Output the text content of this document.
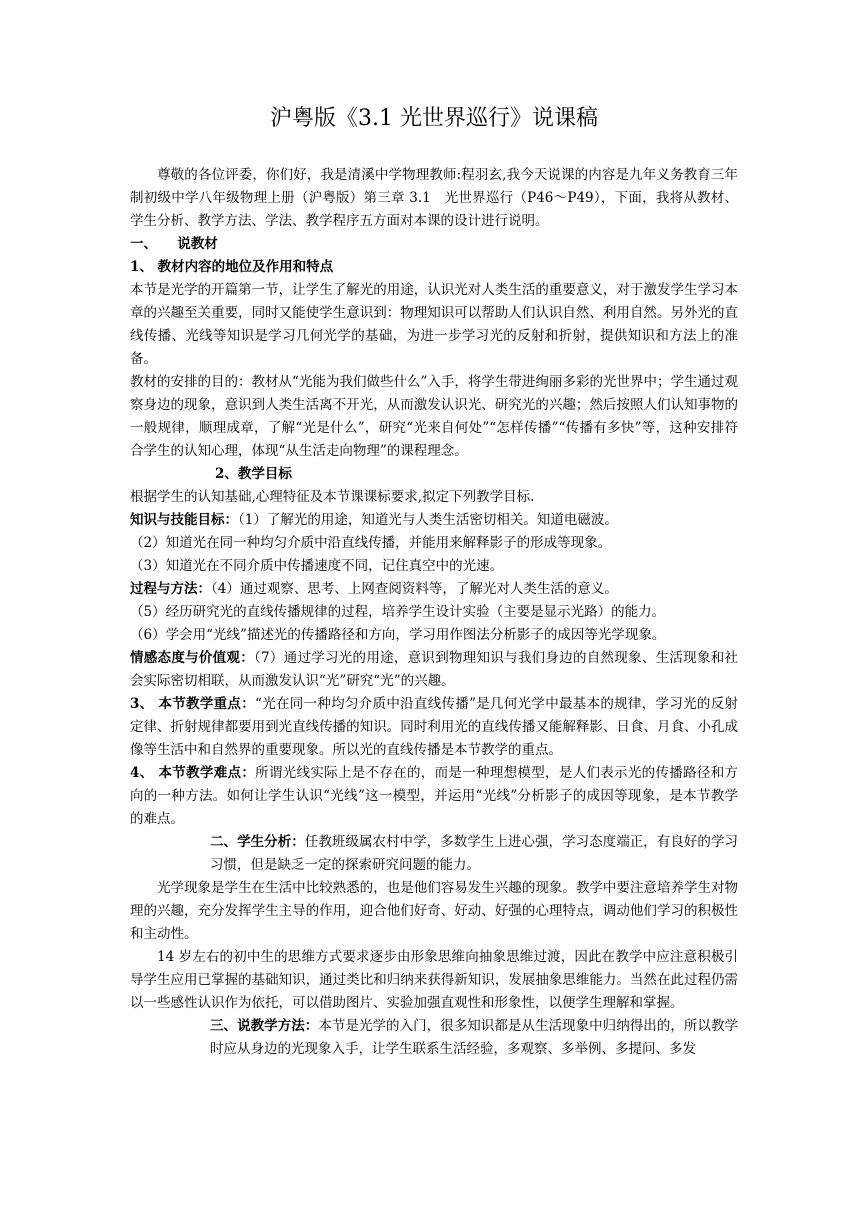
沪粤版《3.1 光世界巡行》说课稿

尊敬的各位评委，你们好，我是清溪中学物理教师:程羽玄,我今天说课的内容是九年义务教育三年制初级中学八年级物理上册（沪粤版）第三章 3.1　光世界巡行（P46～P49），下面，我将从教材、学生分析、教学方法、学法、教学程序五方面对本课的设计进行说明。

一、　　说教材

1、 教材内容的地位及作用和特点

本节是光学的开篇第一节，让学生了解光的用途，认识光对人类生活的重要意义，对于激发学生学习本章的兴趣至关重要，同时又能使学生意识到：物理知识可以帮助人们认识自然、利用自然。另外光的直线传播、光线等知识是学习几何光学的基础，为进一步学习光的反射和折射，提供知识和方法上的准备。

教材的安排的目的：教材从“光能为我们做些什么”入手，将学生带进绚丽多彩的光世界中；学生通过观察身边的现象，意识到人类生活离不开光，从而激发认识光、研究光的兴趣；然后按照人们认知事物的一般规律，顺理成章，了解“光是什么”，研究“光来自何处”“怎样传播”“传播有多快”等，这种安排符合学生的认知心理，体现“从生活走向物理”的课程理念。

2、教学目标

根据学生的认知基础,心理特征及本节课课标要求,拟定下列教学目标.

知识与技能目标：（1）了解光的用途，知道光与人类生活密切相关。知道电磁波。

（2）知道光在同一种均匀介质中沿直线传播，并能用来解释影子的形成等现象。

（3）知道光在不同介质中传播速度不同，记住真空中的光速。

过程与方法：（4）通过观察、思考、上网查阅资料等，了解光对人类生活的意义。

（5）经历研究光的直线传播规律的过程，培养学生设计实验（主要是显示光路）的能力。

（6）学会用“光线”描述光的传播路径和方向，学习用作图法分析影子的成因等光学现象。

情感态度与价值观：（7）通过学习光的用途，意识到物理知识与我们身边的自然现象、生活现象和社会实际密切相联，从而激发认识“光”研究“光”的兴趣。

3、 本节教学重点：“光在同一种均匀介质中沿直线传播”是几何光学中最基本的规律，学习光的反射定律、折射规律都要用到光直线传播的知识。同时利用光的直线传播又能解释影、日食、月食、小孔成像等生活中和自然界的重要现象。所以光的直线传播是本节教学的重点。

4、 本节教学难点：所谓光线实际上是不存在的，而是一种理想模型，是人们表示光的传播路径和方向的一种方法。如何让学生认识“光线”这一模型，并运用“光线”分析影子的成因等现象，是本节教学的难点。

二、学生分析：任教班级属农村中学，多数学生上进心强，学习态度端正，有良好的学习习惯，但是缺乏一定的探索研究问题的能力。

光学现象是学生在生活中比较熟悉的，也是他们容易发生兴趣的现象。教学中要注意培养学生对物理的兴趣，充分发挥学生主导的作用，迎合他们好奇、好动、好强的心理特点，调动他们学习的积极性和主动性。

14 岁左右的初中生的思维方式要求逐步由形象思维向抽象思维过渡，因此在教学中应注意积极引导学生应用已掌握的基础知识，通过类比和归纳来获得新知识，发展抽象思维能力。当然在此过程仍需以一些感性认识作为依托，可以借助图片、实验加强直观性和形象性，以便学生理解和掌握。

三、说教学方法：本节是光学的入门，很多知识都是从生活现象中归纳得出的，所以教学时应从身边的光现象入手，让学生联系生活经验，多观察、多举例、多提问、多发
